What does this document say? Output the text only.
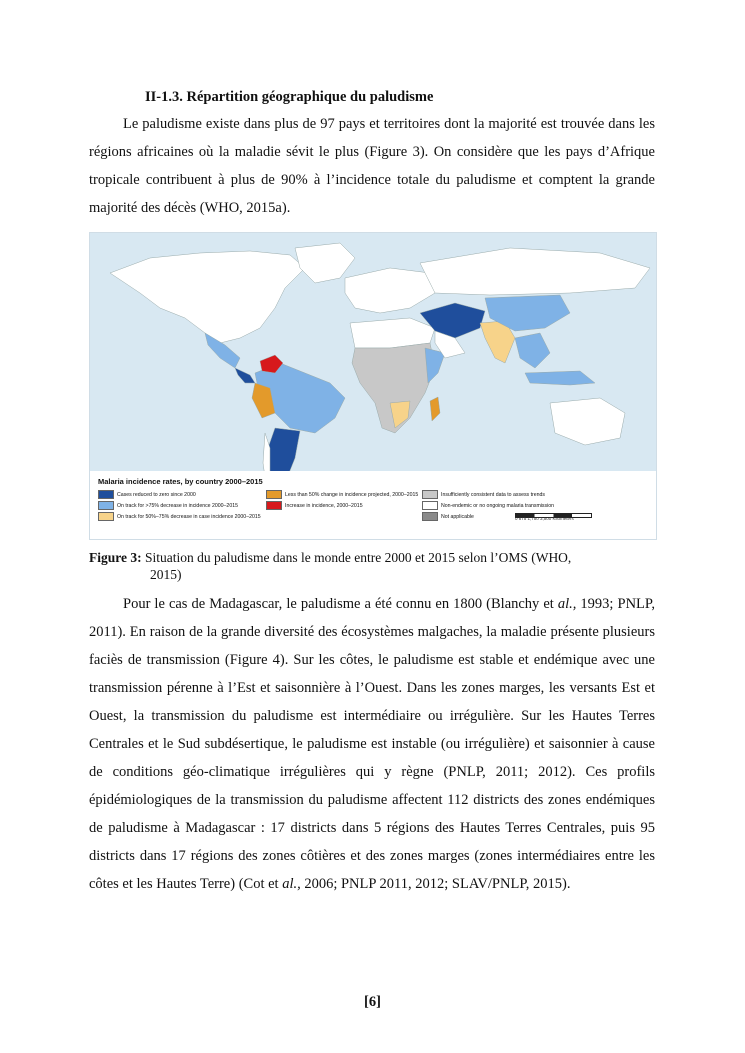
II-1.3. Répartition géographique du paludisme

Le paludisme existe dans plus de 97 pays et territoires dont la majorité est trouvée dans les régions africaines où la maladie sévit le plus (Figure 3). On considère que les pays d’Afrique tropicale contribuent à plus de 90% à l’incidence totale du paludisme et comptent la grande majorité des décès (WHO, 2015a).

Malaria incidence rates, by country 2000–2015
Cases reduced to zero since 2000
On track for >75% decrease in incidence 2000–2015
On track for 50%–75% decrease in case incidence 2000–2015
Less than 50% change in incidence projected, 2000–2015
Increase in incidence, 2000–2015
Insufficiently consistent data to assess trends
Non-endemic or no ongoing malaria transmission
Not applicable	0 875 1,750 3,500 Kilometers
Figure 3: Situation du paludisme dans le monde entre 2000 et 2015 selon l’OMS (WHO,
2015)

Pour le cas de Madagascar, le paludisme a été connu en 1800 (Blanchy et al., 1993; PNLP, 2011). En raison de la grande diversité des écosystèmes malgaches, la maladie présente plusieurs faciès de transmission (Figure 4). Sur les côtes, le paludisme est stable et endémique avec une transmission pérenne à l’Est et saisonnière à l’Ouest. Dans les zones marges, les versants Est et Ouest, la transmission du paludisme est intermédiaire ou irrégulière. Sur les Hautes Terres Centrales et le Sud subdésertique, le paludisme est instable (ou irrégulière) et saisonnier à cause de conditions géo-climatique irrégulières qui y règne (PNLP, 2011; 2012). Ces profils épidémiologiques de la transmission du paludisme affectent 112 districts des zones endémiques de paludisme à Madagascar : 17 districts dans 5 régions des Hautes Terres Centrales, puis 95 districts dans 17 régions des zones côtières et des zones marges (zones intermédiaires entre les côtes et les Hautes Terre) (Cot et al., 2006; PNLP 2011, 2012; SLAV/PNLP, 2015).

[6]
